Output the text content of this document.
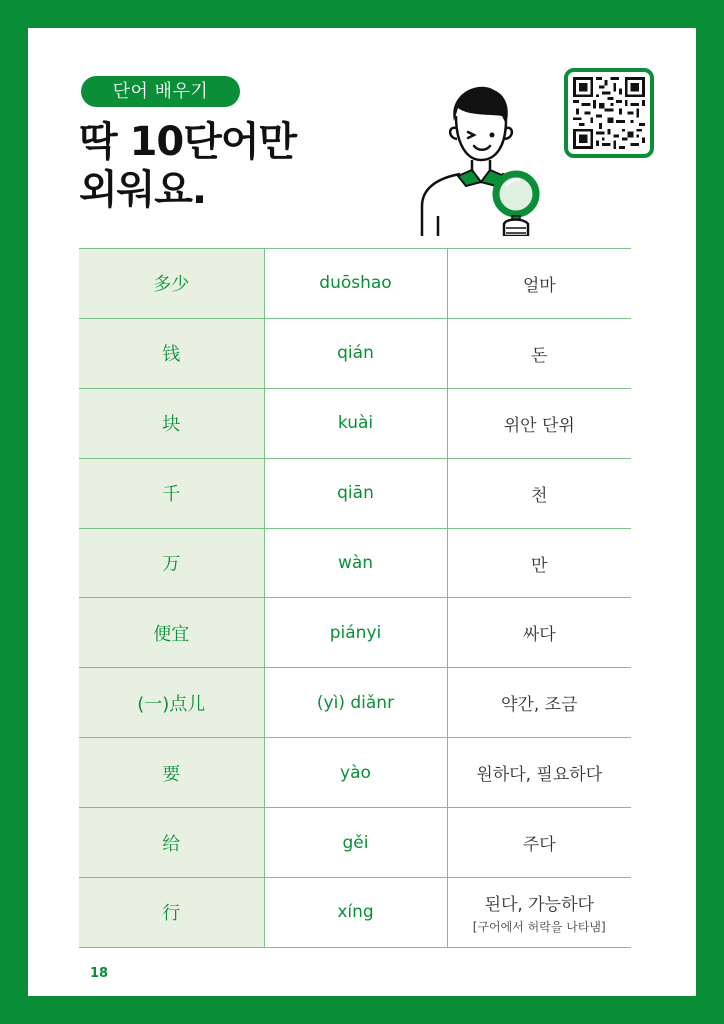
단어 배우기
딱 10단어만
외워요.
多少	duōshao	얼마
钱	qián	돈
块	kuài	위안 단위
千	qiān	천
万	wàn	만
便宜	piányi	싸다
(一)点儿	(yì) diǎnr	약간, 조금
要	yào	원하다, 필요하다
给	gěi	주다
行	xíng	된다, 가능하다
[구어에서 허락을 나타냄]
18
